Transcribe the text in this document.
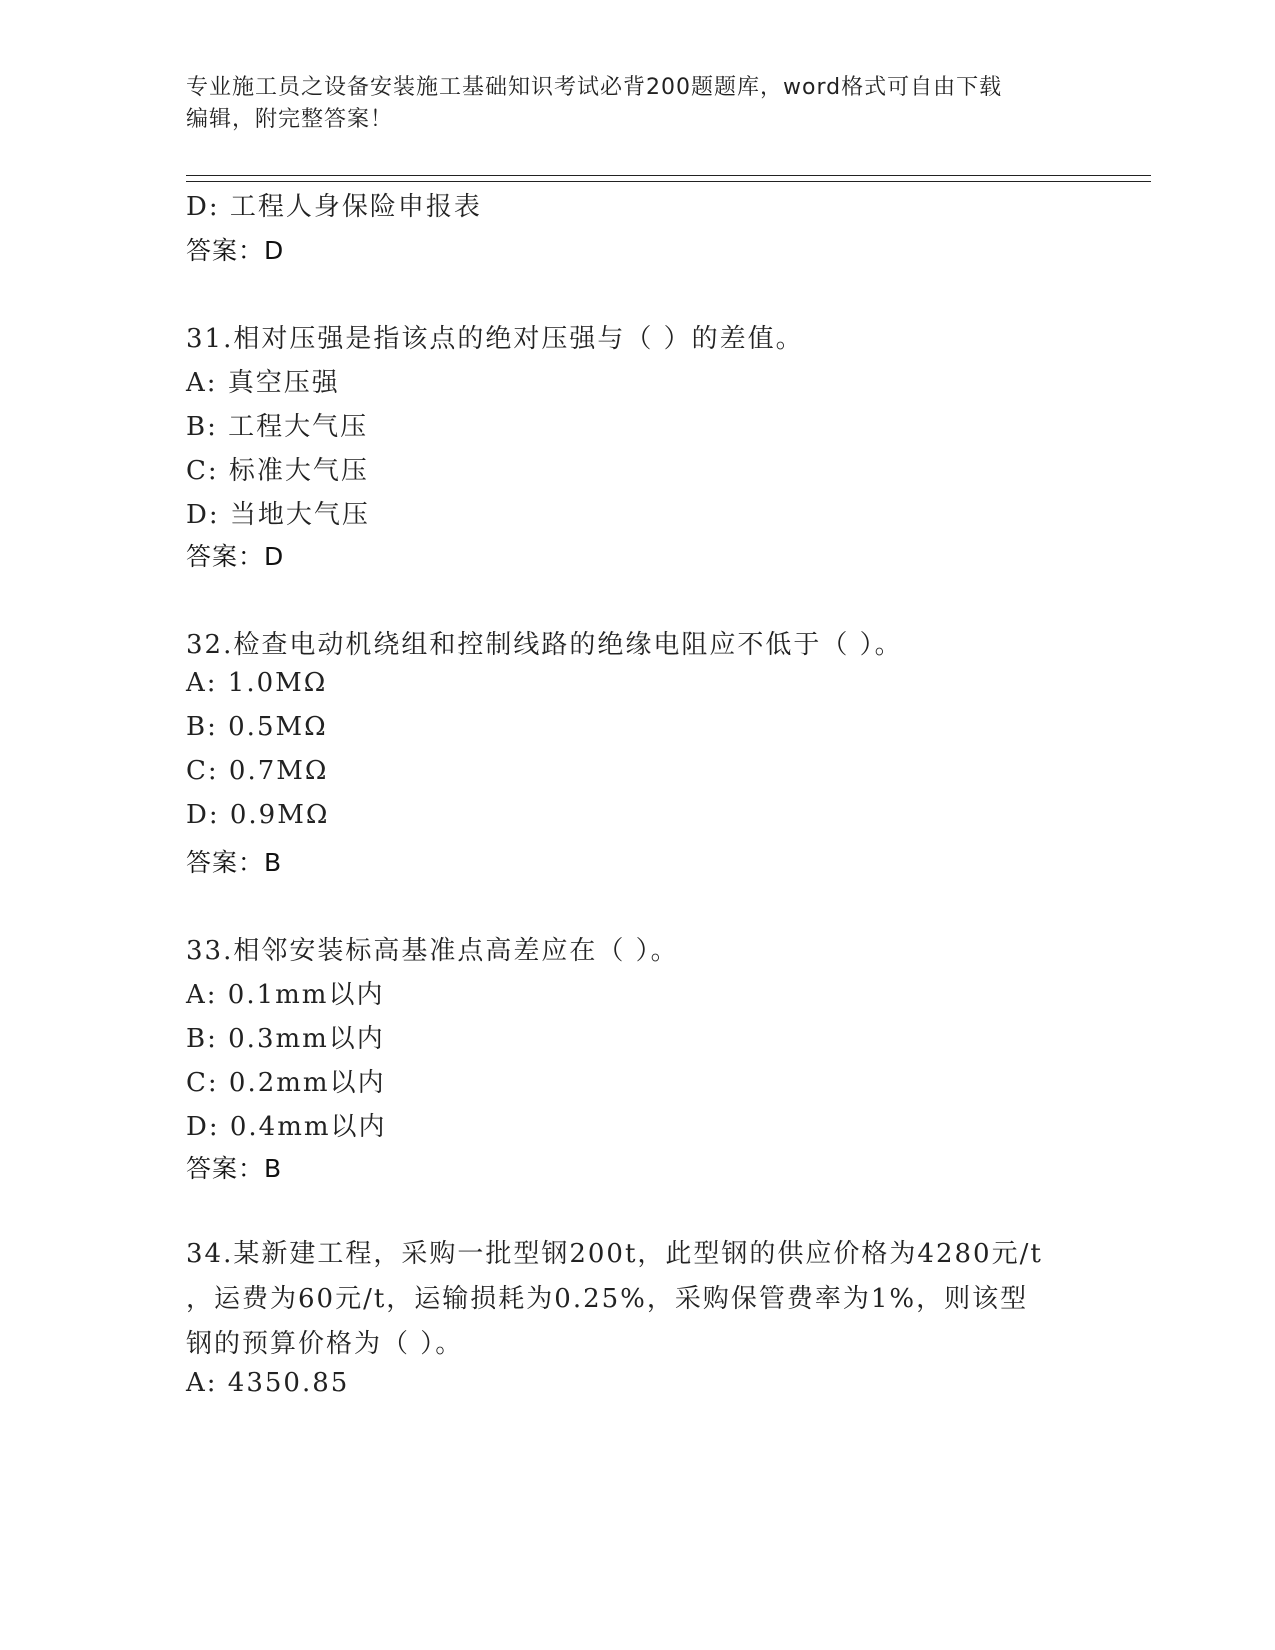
专业施工员之设备安装施工基础知识考试必背200题题库，word格式可自由下载
编辑，附完整答案！
D: 工程人身保险申报表
答案：D
31.相对压强是指该点的绝对压强与（ ）的差值。
A: 真空压强
B: 工程大气压
C: 标准大气压
D: 当地大气压
答案：D
32.检查电动机绕组和控制线路的绝缘电阻应不低于（ ）。
A: 1.0MΩ
B: 0.5MΩ
C: 0.7MΩ
D: 0.9MΩ
答案：B
33.相邻安装标高基准点高差应在（ ）。
A: 0.1mm以内
B: 0.3mm以内
C: 0.2mm以内
D: 0.4mm以内
答案：B
34.某新建工程，采购一批型钢200t，此型钢的供应价格为4280元/t
，运费为60元/t，运输损耗为0.25%，采购保管费率为1%，则该型
钢的预算价格为（ ）。
A: 4350.85
